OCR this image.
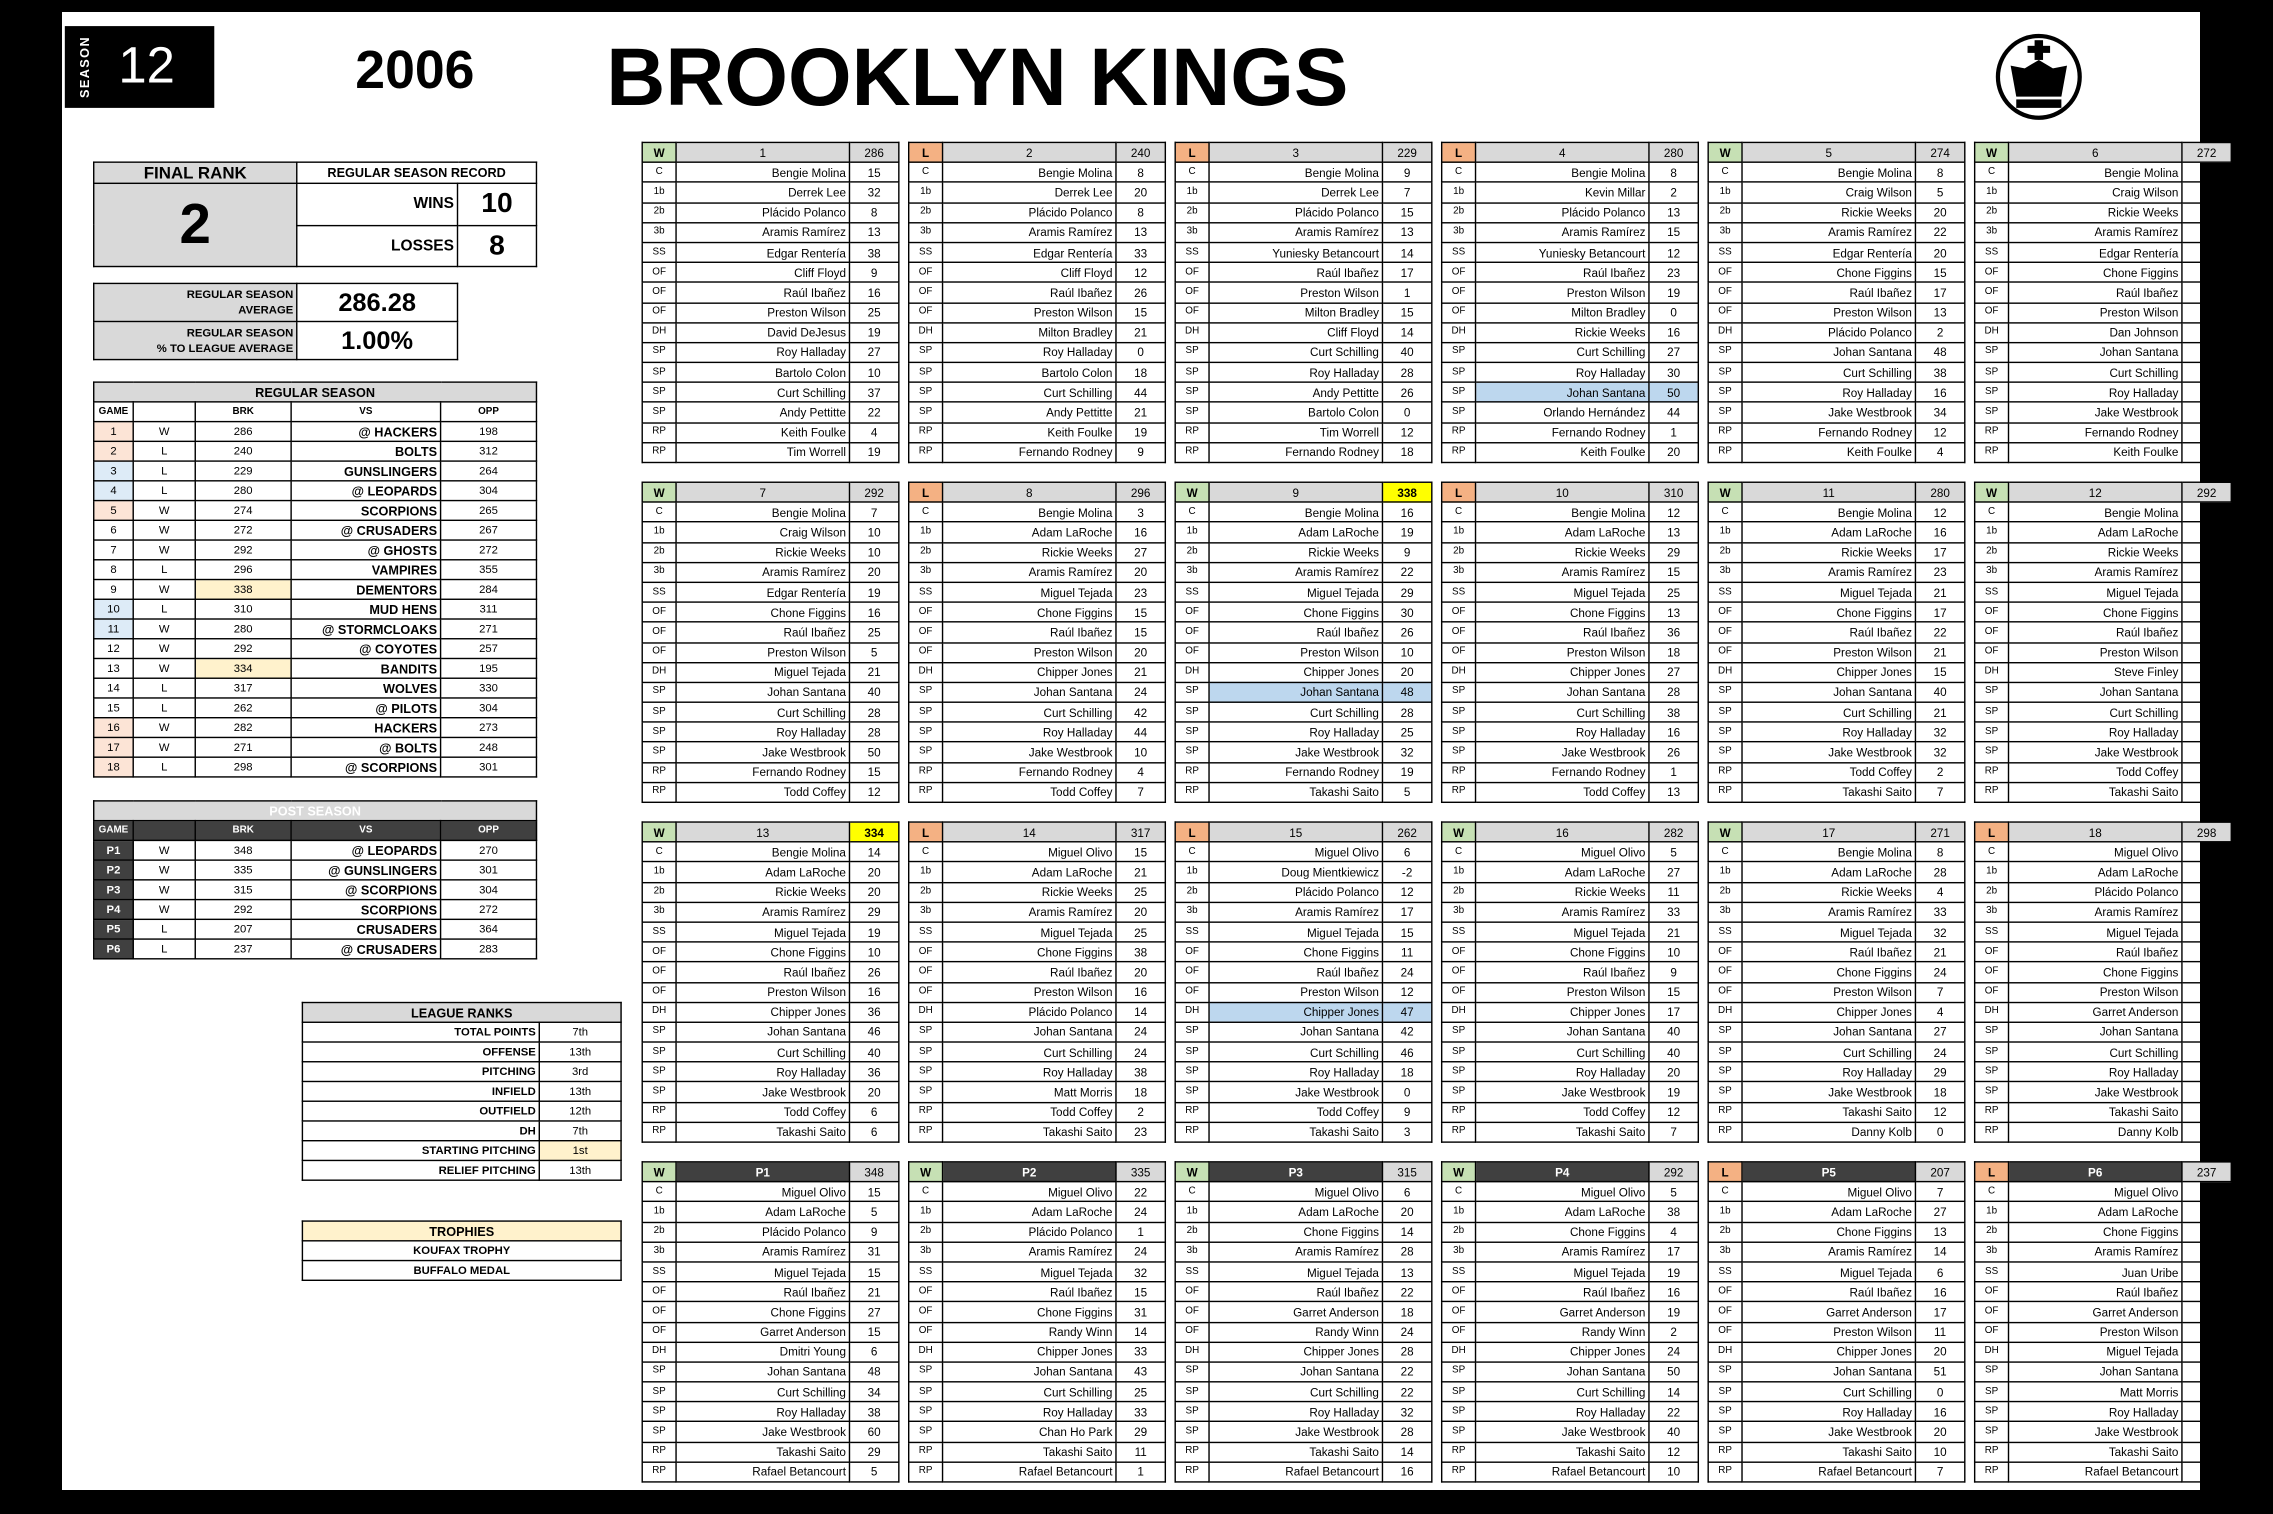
SEASON 12	2006 BROOKLYN KINGS
FINAL RANK	REGULAR SEASON RECORD	
2	WINS	10
	LOSSES	8
REGULAR SEASON
AVERAGE	286.28

REGULAR SEASON
% TO LEAGUE AVERAGE	1.00%
REGULAR SEASON				
GAME		BRK	VS	OPP
1	W	286	@ HACKERS	198
2	L	240	BOLTS	312
3	L	229	GUNSLINGERS	264
4	L	280	@ LEOPARDS	304
5	W	274	SCORPIONS	265
6	W	272	@ CRUSADERS	267
7	W	292	@ GHOSTS	272
8	L	296	VAMPIRES	355
9	W	338	DEMENTORS	284
10	L	310	MUD HENS	311
11	W	280	@ STORMCLOAKS	271
12	W	292	@ COYOTES	257
13	W	334	BANDITS	195
14	L	317	WOLVES	330
15	L	262	@ PILOTS	304
16	W	282	HACKERS	273
17	W	271	@ BOLTS	248
18	L	298	@ SCORPIONS	301
POST SEASON				
GAME		BRK	VS	OPP
P1	W	348	@ LEOPARDS	270
P2	W	335	@ GUNSLINGERS	301
P3	W	315	@ SCORPIONS	304
P4	W	292	SCORPIONS	272
P5	L	207	CRUSADERS	364
P6	L	237	@ CRUSADERS	283
LEAGUE RANKS	
TOTAL POINTS	7th
OFFENSE	13th
PITCHING	3rd
INFIELD	13th
OUTFIELD	12th
DH	7th
STARTING PITCHING	1st
RELIEF PITCHING	13th
TROPHIES
KOUFAX TROPHY
BUFFALO MEDAL
W	1	286
C	Bengie Molina	15
1b	Derrek Lee	32
2b	Plácido Polanco	8
3b	Aramis Ramírez	13
SS	Edgar Rentería	38
OF	Cliff Floyd	9
OF	Raúl Ibañez	16
OF	Preston Wilson	25
DH	David DeJesus	19
SP	Roy Halladay	27
SP	Bartolo Colon	10
SP	Curt Schilling	37
SP	Andy Pettitte	22
RP	Keith Foulke	4
RP	Tim Worrell	19
L	2	240
C	Bengie Molina	8
1b	Derrek Lee	20
2b	Plácido Polanco	8
3b	Aramis Ramírez	13
SS	Edgar Rentería	33
OF	Cliff Floyd	12
OF	Raúl Ibañez	26
OF	Preston Wilson	15
DH	Milton Bradley	21
SP	Roy Halladay	0
SP	Bartolo Colon	18
SP	Curt Schilling	44
SP	Andy Pettitte	21
RP	Keith Foulke	19
RP	Fernando Rodney	9
L	3	229
C	Bengie Molina	9
1b	Derrek Lee	7
2b	Plácido Polanco	15
3b	Aramis Ramírez	13
SS	Yuniesky Betancourt	14
OF	Raúl Ibañez	17
OF	Preston Wilson	1
OF	Milton Bradley	15
DH	Cliff Floyd	14
SP	Curt Schilling	40
SP	Roy Halladay	28
SP	Andy Pettitte	26
SP	Bartolo Colon	0
RP	Tim Worrell	12
RP	Fernando Rodney	18
L	4	280
C	Bengie Molina	8
1b	Kevin Millar	2
2b	Plácido Polanco	13
3b	Aramis Ramírez	15
SS	Yuniesky Betancourt	12
OF	Raúl Ibañez	23
OF	Preston Wilson	19
OF	Milton Bradley	0
DH	Rickie Weeks	16
SP	Curt Schilling	27
SP	Roy Halladay	30
SP	Johan Santana	50
SP	Orlando Hernández	44
RP	Fernando Rodney	1
RP	Keith Foulke	20
W	5	274
C	Bengie Molina	8
1b	Craig Wilson	5
2b	Rickie Weeks	20
3b	Aramis Ramírez	22
SS	Edgar Rentería	20
OF	Chone Figgins	15
OF	Raúl Ibañez	17
OF	Preston Wilson	13
DH	Plácido Polanco	2
SP	Johan Santana	48
SP	Curt Schilling	38
SP	Roy Halladay	16
SP	Jake Westbrook	34
RP	Fernando Rodney	12
RP	Keith Foulke	4
W	6	272
C	Bengie Molina	14
1b	Craig Wilson	10
2b	Rickie Weeks	14
3b	Aramis Ramírez	14
SS	Edgar Rentería	23
OF	Chone Figgins	13
OF	Raúl Ibañez	20
OF	Preston Wilson	23
DH	Dan Johnson	8
SP	Johan Santana	48
SP	Curt Schilling	16
SP	Roy Halladay	45
SP	Jake Westbrook	14
RP	Fernando Rodney	11
RP	Keith Foulke	1
W	7	292
C	Bengie Molina	7
1b	Craig Wilson	10
2b	Rickie Weeks	10
3b	Aramis Ramírez	20
SS	Edgar Rentería	19
OF	Chone Figgins	16
OF	Raúl Ibañez	25
OF	Preston Wilson	5
DH	Miguel Tejada	21
SP	Johan Santana	40
SP	Curt Schilling	28
SP	Roy Halladay	28
SP	Jake Westbrook	50
RP	Fernando Rodney	15
RP	Todd Coffey	12
L	8	296
C	Bengie Molina	3
1b	Adam LaRoche	16
2b	Rickie Weeks	27
3b	Aramis Ramírez	20
SS	Miguel Tejada	23
OF	Chone Figgins	15
OF	Raúl Ibañez	15
OF	Preston Wilson	20
DH	Chipper Jones	21
SP	Johan Santana	24
SP	Curt Schilling	42
SP	Roy Halladay	44
SP	Jake Westbrook	10
RP	Fernando Rodney	4
RP	Todd Coffey	7
W	9	338
C	Bengie Molina	16
1b	Adam LaRoche	19
2b	Rickie Weeks	9
3b	Aramis Ramírez	22
SS	Miguel Tejada	29
OF	Chone Figgins	30
OF	Raúl Ibañez	26
OF	Preston Wilson	10
DH	Chipper Jones	20
SP	Johan Santana	48
SP	Curt Schilling	28
SP	Roy Halladay	25
SP	Jake Westbrook	32
RP	Fernando Rodney	19
RP	Takashi Saito	5
L	10	310
C	Bengie Molina	12
1b	Adam LaRoche	13
2b	Rickie Weeks	29
3b	Aramis Ramírez	15
SS	Miguel Tejada	25
OF	Chone Figgins	13
OF	Raúl Ibañez	36
OF	Preston Wilson	18
DH	Chipper Jones	27
SP	Johan Santana	28
SP	Curt Schilling	38
SP	Roy Halladay	16
SP	Jake Westbrook	26
RP	Fernando Rodney	1
RP	Todd Coffey	13
W	11	280
C	Bengie Molina	12
1b	Adam LaRoche	16
2b	Rickie Weeks	17
3b	Aramis Ramírez	23
SS	Miguel Tejada	21
OF	Chone Figgins	17
OF	Raúl Ibañez	22
OF	Preston Wilson	21
DH	Chipper Jones	15
SP	Johan Santana	40
SP	Curt Schilling	21
SP	Roy Halladay	32
SP	Jake Westbrook	32
RP	Todd Coffey	2
RP	Takashi Saito	7
W	12	292
C	Bengie Molina	11
1b	Adam LaRoche	17
2b	Rickie Weeks	17
3b	Aramis Ramírez	12
SS	Miguel Tejada	6
OF	Chone Figgins	22
OF	Raúl Ibañez	27
OF	Preston Wilson	17
DH	Steve Finley	17
SP	Johan Santana	42
SP	Curt Schilling	32
SP	Roy Halladay	36
SP	Jake Westbrook	10
RP	Todd Coffey	14
RP	Takashi Saito	13
W	13	334
C	Bengie Molina	14
1b	Adam LaRoche	20
2b	Rickie Weeks	20
3b	Aramis Ramírez	29
SS	Miguel Tejada	19
OF	Chone Figgins	10
OF	Raúl Ibañez	26
OF	Preston Wilson	16
DH	Chipper Jones	36
SP	Johan Santana	46
SP	Curt Schilling	40
SP	Roy Halladay	36
SP	Jake Westbrook	20
RP	Todd Coffey	6
RP	Takashi Saito	6
L	14	317
C	Miguel Olivo	15
1b	Adam LaRoche	21
2b	Rickie Weeks	25
3b	Aramis Ramírez	20
SS	Miguel Tejada	25
OF	Chone Figgins	38
OF	Raúl Ibañez	20
OF	Preston Wilson	16
DH	Plácido Polanco	14
SP	Johan Santana	24
SP	Curt Schilling	24
SP	Roy Halladay	38
SP	Matt Morris	18
RP	Todd Coffey	2
RP	Takashi Saito	23
L	15	262
C	Miguel Olivo	6
1b	Doug Mientkiewicz	-2
2b	Plácido Polanco	12
3b	Aramis Ramírez	17
SS	Miguel Tejada	15
OF	Chone Figgins	11
OF	Raúl Ibañez	24
OF	Preston Wilson	12
DH	Chipper Jones	47
SP	Johan Santana	42
SP	Curt Schilling	46
SP	Roy Halladay	18
SP	Jake Westbrook	0
RP	Todd Coffey	9
RP	Takashi Saito	3
W	16	282
C	Miguel Olivo	5
1b	Adam LaRoche	27
2b	Rickie Weeks	11
3b	Aramis Ramírez	33
SS	Miguel Tejada	21
OF	Chone Figgins	10
OF	Raúl Ibañez	9
OF	Preston Wilson	15
DH	Chipper Jones	17
SP	Johan Santana	40
SP	Curt Schilling	40
SP	Roy Halladay	20
SP	Jake Westbrook	19
RP	Todd Coffey	12
RP	Takashi Saito	7
W	17	271
C	Bengie Molina	8
1b	Adam LaRoche	28
2b	Rickie Weeks	4
3b	Aramis Ramírez	33
SS	Miguel Tejada	32
OF	Raúl Ibañez	21
OF	Chone Figgins	24
OF	Preston Wilson	7
DH	Chipper Jones	4
SP	Johan Santana	27
SP	Curt Schilling	24
SP	Roy Halladay	29
SP	Jake Westbrook	18
RP	Takashi Saito	12
RP	Danny Kolb	0
L	18	298
C	Miguel Olivo	20
1b	Adam LaRoche	23
2b	Plácido Polanco	20
3b	Aramis Ramírez	28
SS	Miguel Tejada	14
OF	Raúl Ibañez	17
OF	Chone Figgins	3
OF	Preston Wilson	4
DH	Garret Anderson	30
SP	Johan Santana	28
SP	Curt Schilling	36
SP	Roy Halladay	22
SP	Jake Westbrook	16
RP	Takashi Saito	19
RP	Danny Kolb	3
W	P1	348
C	Miguel Olivo	15
1b	Adam LaRoche	5
2b	Plácido Polanco	9
3b	Aramis Ramírez	31
SS	Miguel Tejada	15
OF	Raúl Ibañez	21
OF	Chone Figgins	27
OF	Garret Anderson	15
DH	Dmitri Young	6
SP	Johan Santana	48
SP	Curt Schilling	34
SP	Roy Halladay	38
SP	Jake Westbrook	60
RP	Takashi Saito	29
RP	Rafael Betancourt	5
W	P2	335
C	Miguel Olivo	22
1b	Adam LaRoche	24
2b	Plácido Polanco	1
3b	Aramis Ramírez	24
SS	Miguel Tejada	32
OF	Raúl Ibañez	15
OF	Chone Figgins	31
OF	Randy Winn	14
DH	Chipper Jones	33
SP	Johan Santana	43
SP	Curt Schilling	25
SP	Roy Halladay	33
SP	Chan Ho Park	29
RP	Takashi Saito	11
RP	Rafael Betancourt	1
W	P3	315
C	Miguel Olivo	6
1b	Adam LaRoche	20
2b	Chone Figgins	14
3b	Aramis Ramírez	28
SS	Miguel Tejada	13
OF	Raúl Ibañez	22
OF	Garret Anderson	18
OF	Randy Winn	24
DH	Chipper Jones	28
SP	Johan Santana	22
SP	Curt Schilling	22
SP	Roy Halladay	32
SP	Jake Westbrook	28
RP	Takashi Saito	14
RP	Rafael Betancourt	16
W	P4	292
C	Miguel Olivo	5
1b	Adam LaRoche	38
2b	Chone Figgins	4
3b	Aramis Ramírez	17
SS	Miguel Tejada	19
OF	Raúl Ibañez	16
OF	Garret Anderson	19
OF	Randy Winn	2
DH	Chipper Jones	24
SP	Johan Santana	50
SP	Curt Schilling	14
SP	Roy Halladay	22
SP	Jake Westbrook	40
RP	Takashi Saito	12
RP	Rafael Betancourt	10
L	P5	207
C	Miguel Olivo	7
1b	Adam LaRoche	27
2b	Chone Figgins	13
3b	Aramis Ramírez	14
SS	Miguel Tejada	6
OF	Raúl Ibañez	16
OF	Garret Anderson	17
OF	Preston Wilson	11
DH	Chipper Jones	20
SP	Johan Santana	51
SP	Curt Schilling	0
SP	Roy Halladay	16
SP	Jake Westbrook	20
RP	Takashi Saito	10
RP	Rafael Betancourt	7
L	P6	237
C	Miguel Olivo	13
1b	Adam LaRoche	10
2b	Chone Figgins	30
3b	Aramis Ramírez	29
SS	Juan Uribe	9
OF	Raúl Ibañez	17
OF	Garret Anderson	12
OF	Preston Wilson	10
DH	Miguel Tejada	13
SP	Johan Santana	30
SP	Matt Morris	13
SP	Roy Halladay	28
SP	Jake Westbrook	16
RP	Takashi Saito	10
RP	Rafael Betancourt	2
